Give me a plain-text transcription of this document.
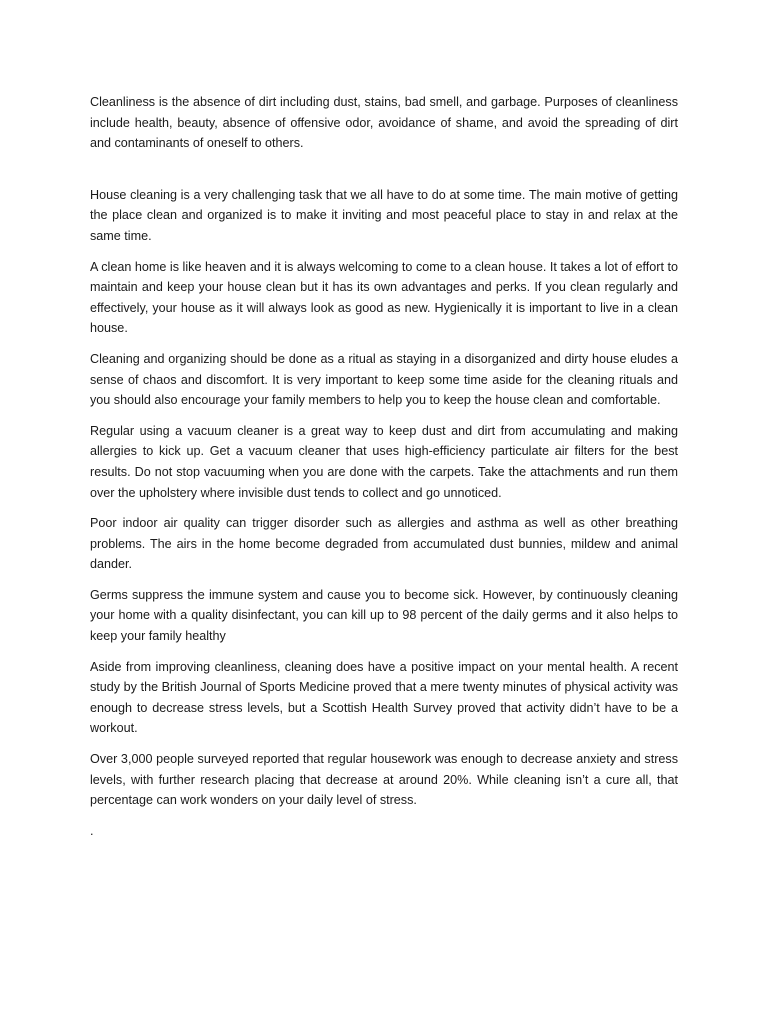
Cleanliness is the absence of dirt including dust, stains, bad smell, and garbage. Purposes of cleanliness include health, beauty, absence of offensive odor, avoidance of shame, and avoid the spreading of dirt and contaminants of oneself to others.

House cleaning is a very challenging task that we all have to do at some time. The main motive of getting the place clean and organized is to make it inviting and most peaceful place to stay in and relax at the same time.

A clean home is like heaven and it is always welcoming to come to a clean house. It takes a lot of effort to maintain and keep your house clean but it has its own advantages and perks. If you clean regularly and effectively, your house as it will always look as good as new. Hygienically it is important to live in a clean house.

Cleaning and organizing should be done as a ritual as staying in a disorganized and dirty house eludes a sense of chaos and discomfort. It is very important to keep some time aside for the cleaning rituals and you should also encourage your family members to help you to keep the house clean and comfortable.

Regular using a vacuum cleaner is a great way to keep dust and dirt from accumulating and making allergies to kick up. Get a vacuum cleaner that uses high-efficiency particulate air filters for the best results. Do not stop vacuuming when you are done with the carpets. Take the attachments and run them over the upholstery where invisible dust tends to collect and go unnoticed.

Poor indoor air quality can trigger disorder such as allergies and asthma as well as other breathing problems. The airs in the home become degraded from accumulated dust bunnies, mildew and animal dander.

Germs suppress the immune system and cause you to become sick. However, by continuously cleaning your home with a quality disinfectant, you can kill up to 98 percent of the daily germs and it also helps to keep your family healthy

Aside from improving cleanliness, cleaning does have a positive impact on your mental health. A recent study by the British Journal of Sports Medicine proved that a mere twenty minutes of physical activity was enough to decrease stress levels, but a Scottish Health Survey proved that activity didn’t have to be a workout.

Over 3,000 people surveyed reported that regular housework was enough to decrease anxiety and stress levels, with further research placing that decrease at around 20%. While cleaning isn’t a cure all, that percentage can work wonders on your daily level of stress.

.
